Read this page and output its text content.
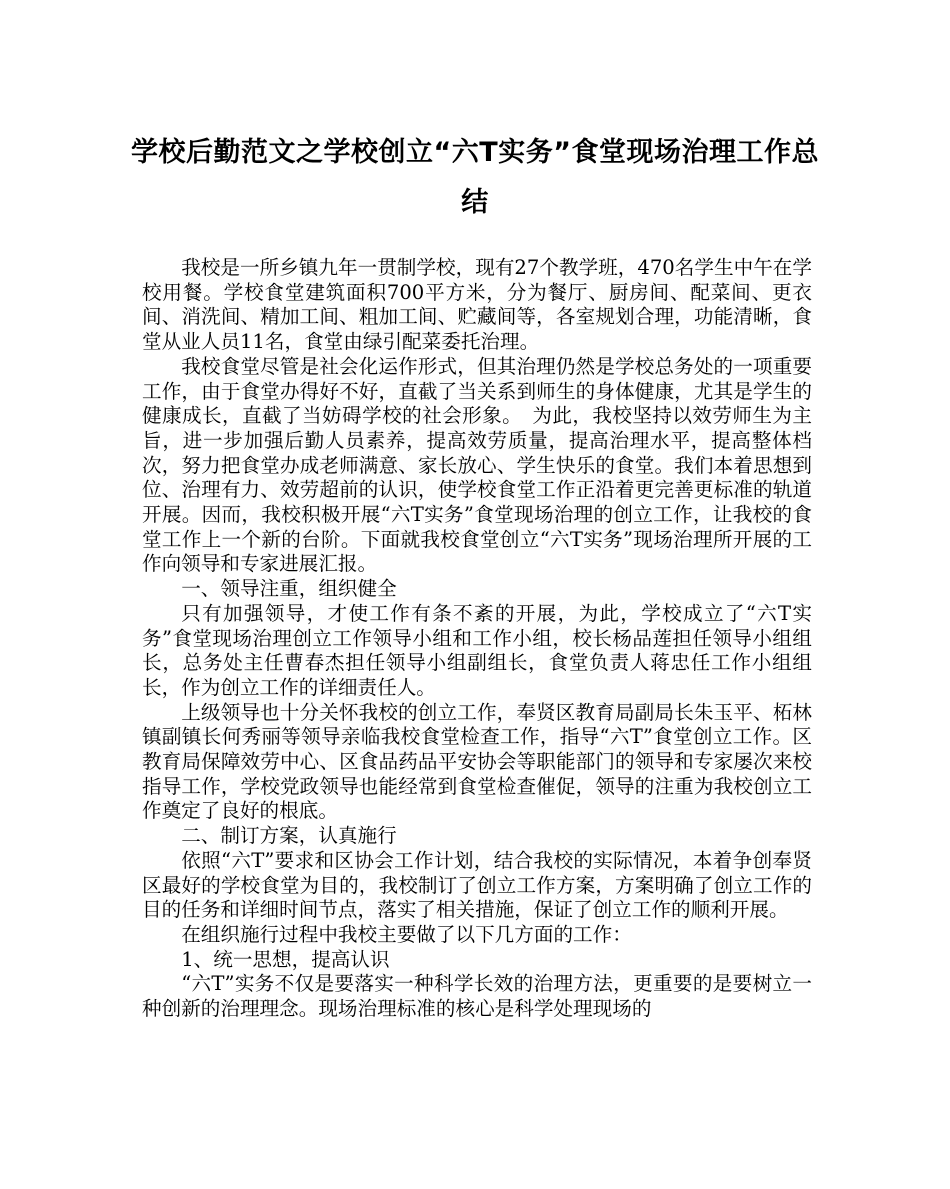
学校后勤范文之学校创立“六T实务”食堂现场治理工作总结

我校是一所乡镇九年一贯制学校，现有27个教学班，470名学生中午在学校用餐。学校食堂建筑面积700平方米，分为餐厅、厨房间、配菜间、更衣间、消洗间、精加工间、粗加工间、贮藏间等，各室规划合理，功能清晰，食堂从业人员11名，食堂由绿引配菜委托治理。

我校食堂尽管是社会化运作形式，但其治理仍然是学校总务处的一项重要工作，由于食堂办得好不好，直截了当关系到师生的身体健康，尤其是学生的健康成长，直截了当妨碍学校的社会形象。　为此，我校坚持以效劳师生为主旨，进一步加强后勤人员素养，提高效劳质量，提高治理水平，提高整体档次，努力把食堂办成老师满意、家长放心、学生快乐的食堂。我们本着思想到位、治理有力、效劳超前的认识，使学校食堂工作正沿着更完善更标准的轨道开展。因而，我校积极开展“六T实务”食堂现场治理的创立工作，让我校的食堂工作上一个新的台阶。下面就我校食堂创立“六T实务”现场治理所开展的工作向领导和专家进展汇报。

一、领导注重，组织健全

只有加强领导，才使工作有条不紊的开展，为此，学校成立了“六T实务”食堂现场治理创立工作领导小组和工作小组，校长杨品莲担任领导小组组长，总务处主任曹春杰担任领导小组副组长，食堂负责人蒋忠任工作小组组长，作为创立工作的详细责任人。

上级领导也十分关怀我校的创立工作，奉贤区教育局副局长朱玉平、柘林镇副镇长何秀丽等领导亲临我校食堂检查工作，指导“六T”食堂创立工作。区教育局保障效劳中心、区食品药品平安协会等职能部门的领导和专家屡次来校指导工作，学校党政领导也能经常到食堂检查催促，领导的注重为我校创立工作奠定了良好的根底。

二、制订方案，认真施行

依照“六T”要求和区协会工作计划，结合我校的实际情况，本着争创奉贤区最好的学校食堂为目的，我校制订了创立工作方案，方案明确了创立工作的目的任务和详细时间节点，落实了相关措施，保证了创立工作的顺利开展。

在组织施行过程中我校主要做了以下几方面的工作：

1、统一思想，提高认识

“六T”实务不仅是要落实一种科学长效的治理方法，更重要的是要树立一种创新的治理理念。现场治理标准的核心是科学处理现场的
